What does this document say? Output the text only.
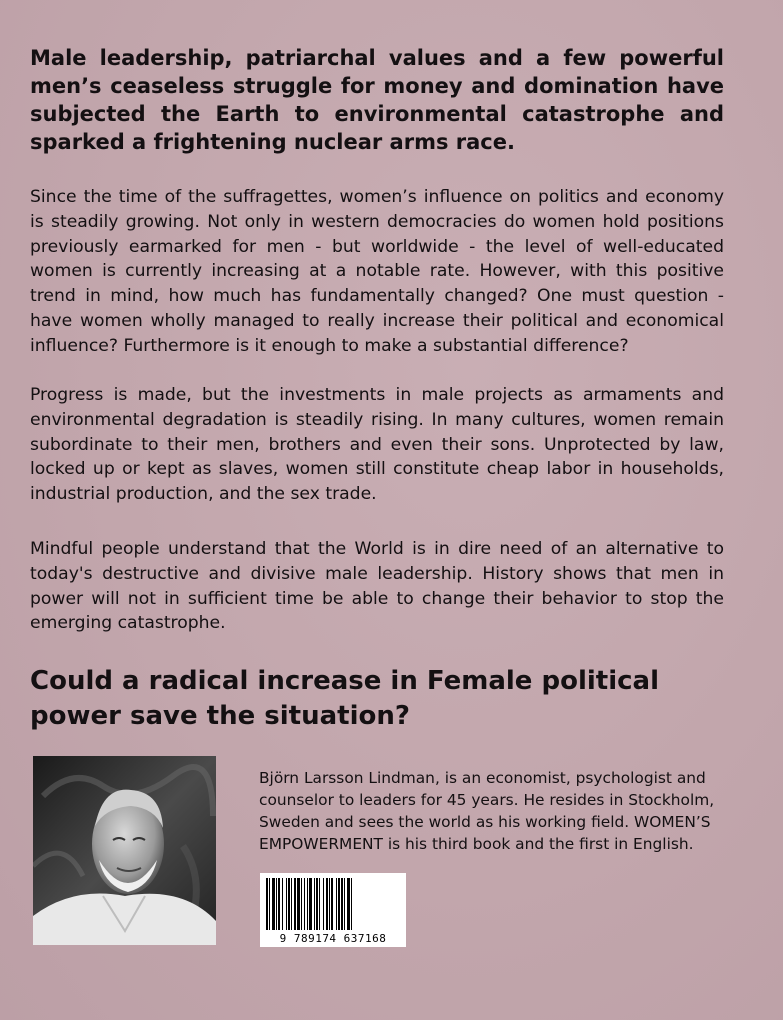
Male leadership, patriarchal values and a few powerful men’s ceaseless struggle for money and domination have subjected the Earth to environmental catastrophe and sparked a frightening nuclear arms race.

Since the time of the suffragettes, women’s influence on politics and economy is steadily growing. Not only in western democracies do women hold positions previously earmarked for men - but worldwide - the level of well-educated women is currently increasing at a notable rate. However, with this positive trend in mind, how much has fundamentally changed? One must question - have women wholly managed to really increase their political and economical influence? Furthermore is it enough to make a substantial difference?

Progress is made, but the investments in male projects as armaments and environmental degradation is steadily rising. In many cultures, women remain subordinate to their men, brothers and even their sons. Unprotected by law, locked up or kept as slaves, women still constitute cheap labor in households, industrial production, and the sex trade.

Mindful people understand that the World is in dire need of an alternative to today's destructive and divisive male leadership. History shows that men in power will not in sufficient time be able to change their behavior to stop the emerging catastrophe.

Could a radical increase in Female political power save the situation?

Björn Larsson Lindman, is an economist, psychologist and counselor to leaders for 45 years. He resides in Stockholm, Sweden and sees the world as his working field. WOMEN’S EMPOWERMENT is his third book and the first in English.

9 789174 637168
